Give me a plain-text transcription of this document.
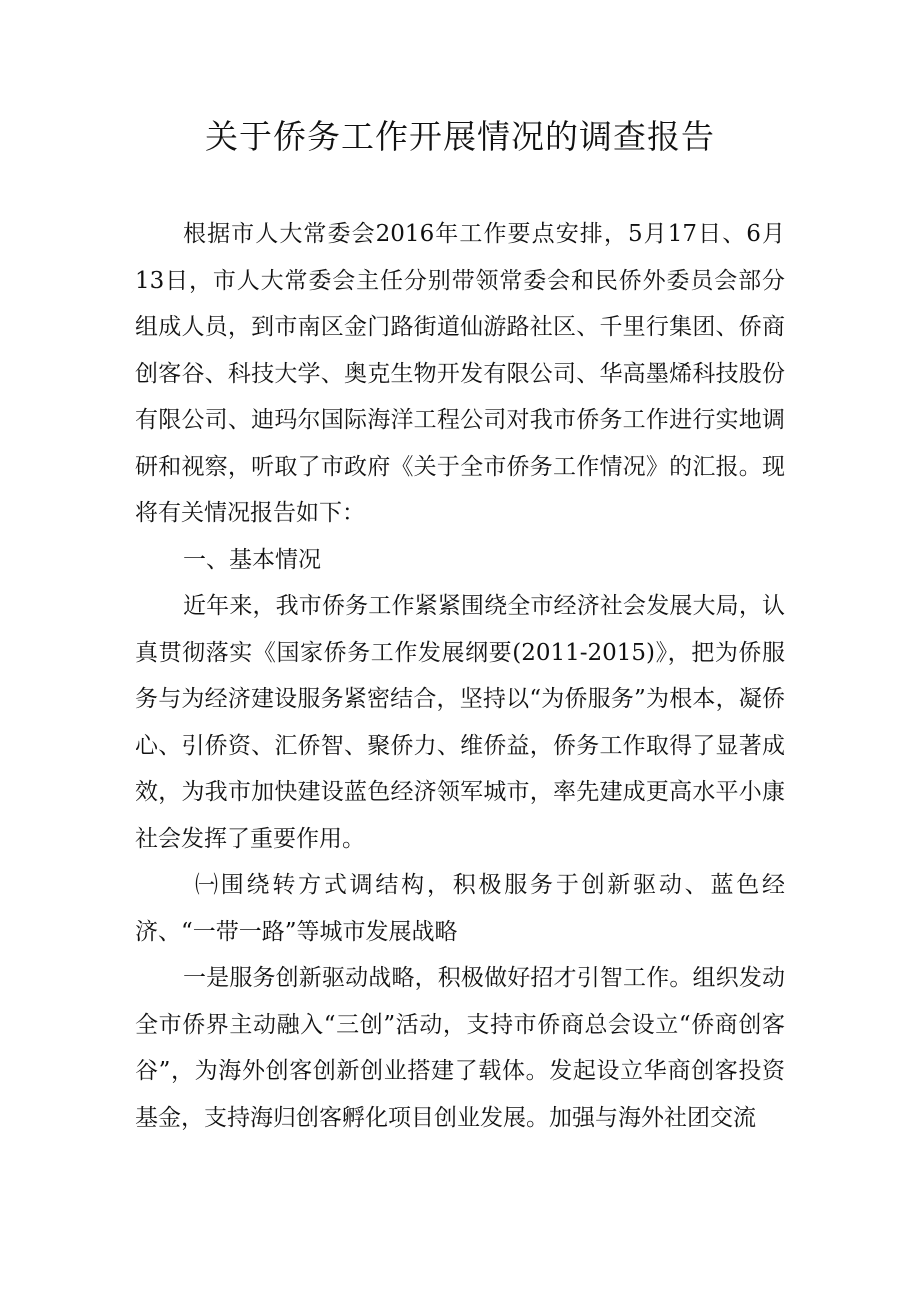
关于侨务工作开展情况的调查报告

根据市人大常委会2016年工作要点安排，5月17日、6月13日，市人大常委会主任分别带领常委会和民侨外委员会部分组成人员，到市南区金门路街道仙游路社区、千里行集团、侨商创客谷、科技大学、奥克生物开发有限公司、华高墨烯科技股份有限公司、迪玛尔国际海洋工程公司对我市侨务工作进行实地调研和视察，听取了市政府《关于全市侨务工作情况》的汇报。现将有关情况报告如下：

一、基本情况

近年来，我市侨务工作紧紧围绕全市经济社会发展大局，认真贯彻落实《国家侨务工作发展纲要(2011-2015)》，把为侨服务与为经济建设服务紧密结合，坚持以“为侨服务”为根本，凝侨心、引侨资、汇侨智、聚侨力、维侨益，侨务工作取得了显著成效，为我市加快建设蓝色经济领军城市，率先建成更高水平小康社会发挥了重要作用。

㈠围绕转方式调结构，积极服务于创新驱动、蓝色经济、“一带一路”等城市发展战略

一是服务创新驱动战略，积极做好招才引智工作。组织发动全市侨界主动融入“三创”活动，支持市侨商总会设立“侨商创客谷”，为海外创客创新创业搭建了载体。发起设立华商创客投资基金，支持海归创客孵化项目创业发展。加强与海外社团交流
